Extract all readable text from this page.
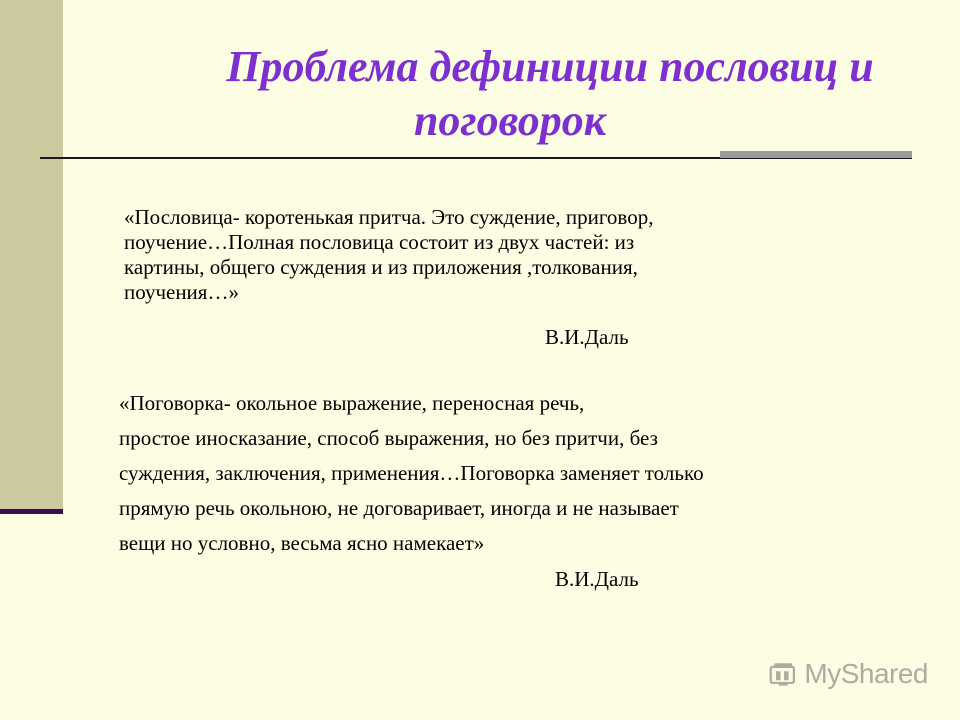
Проблема дефиниции пословиц и
поговорок
«Пословица- коротенькая притча. Это суждение, приговор,
поучение…Полная пословица состоит из двух частей: из
картины, общего суждения и из приложения ,толкования,
поучения…»
В.И.Даль
«Поговорка- окольное выражение, переносная речь,
простое иносказание, способ выражения, но без притчи, без
суждения, заключения, применения…Поговорка заменяет только
прямую речь окольною, не договаривает, иногда и не называет
вещи но условно, весьма ясно намекает»
В.И.Даль
MyShared
